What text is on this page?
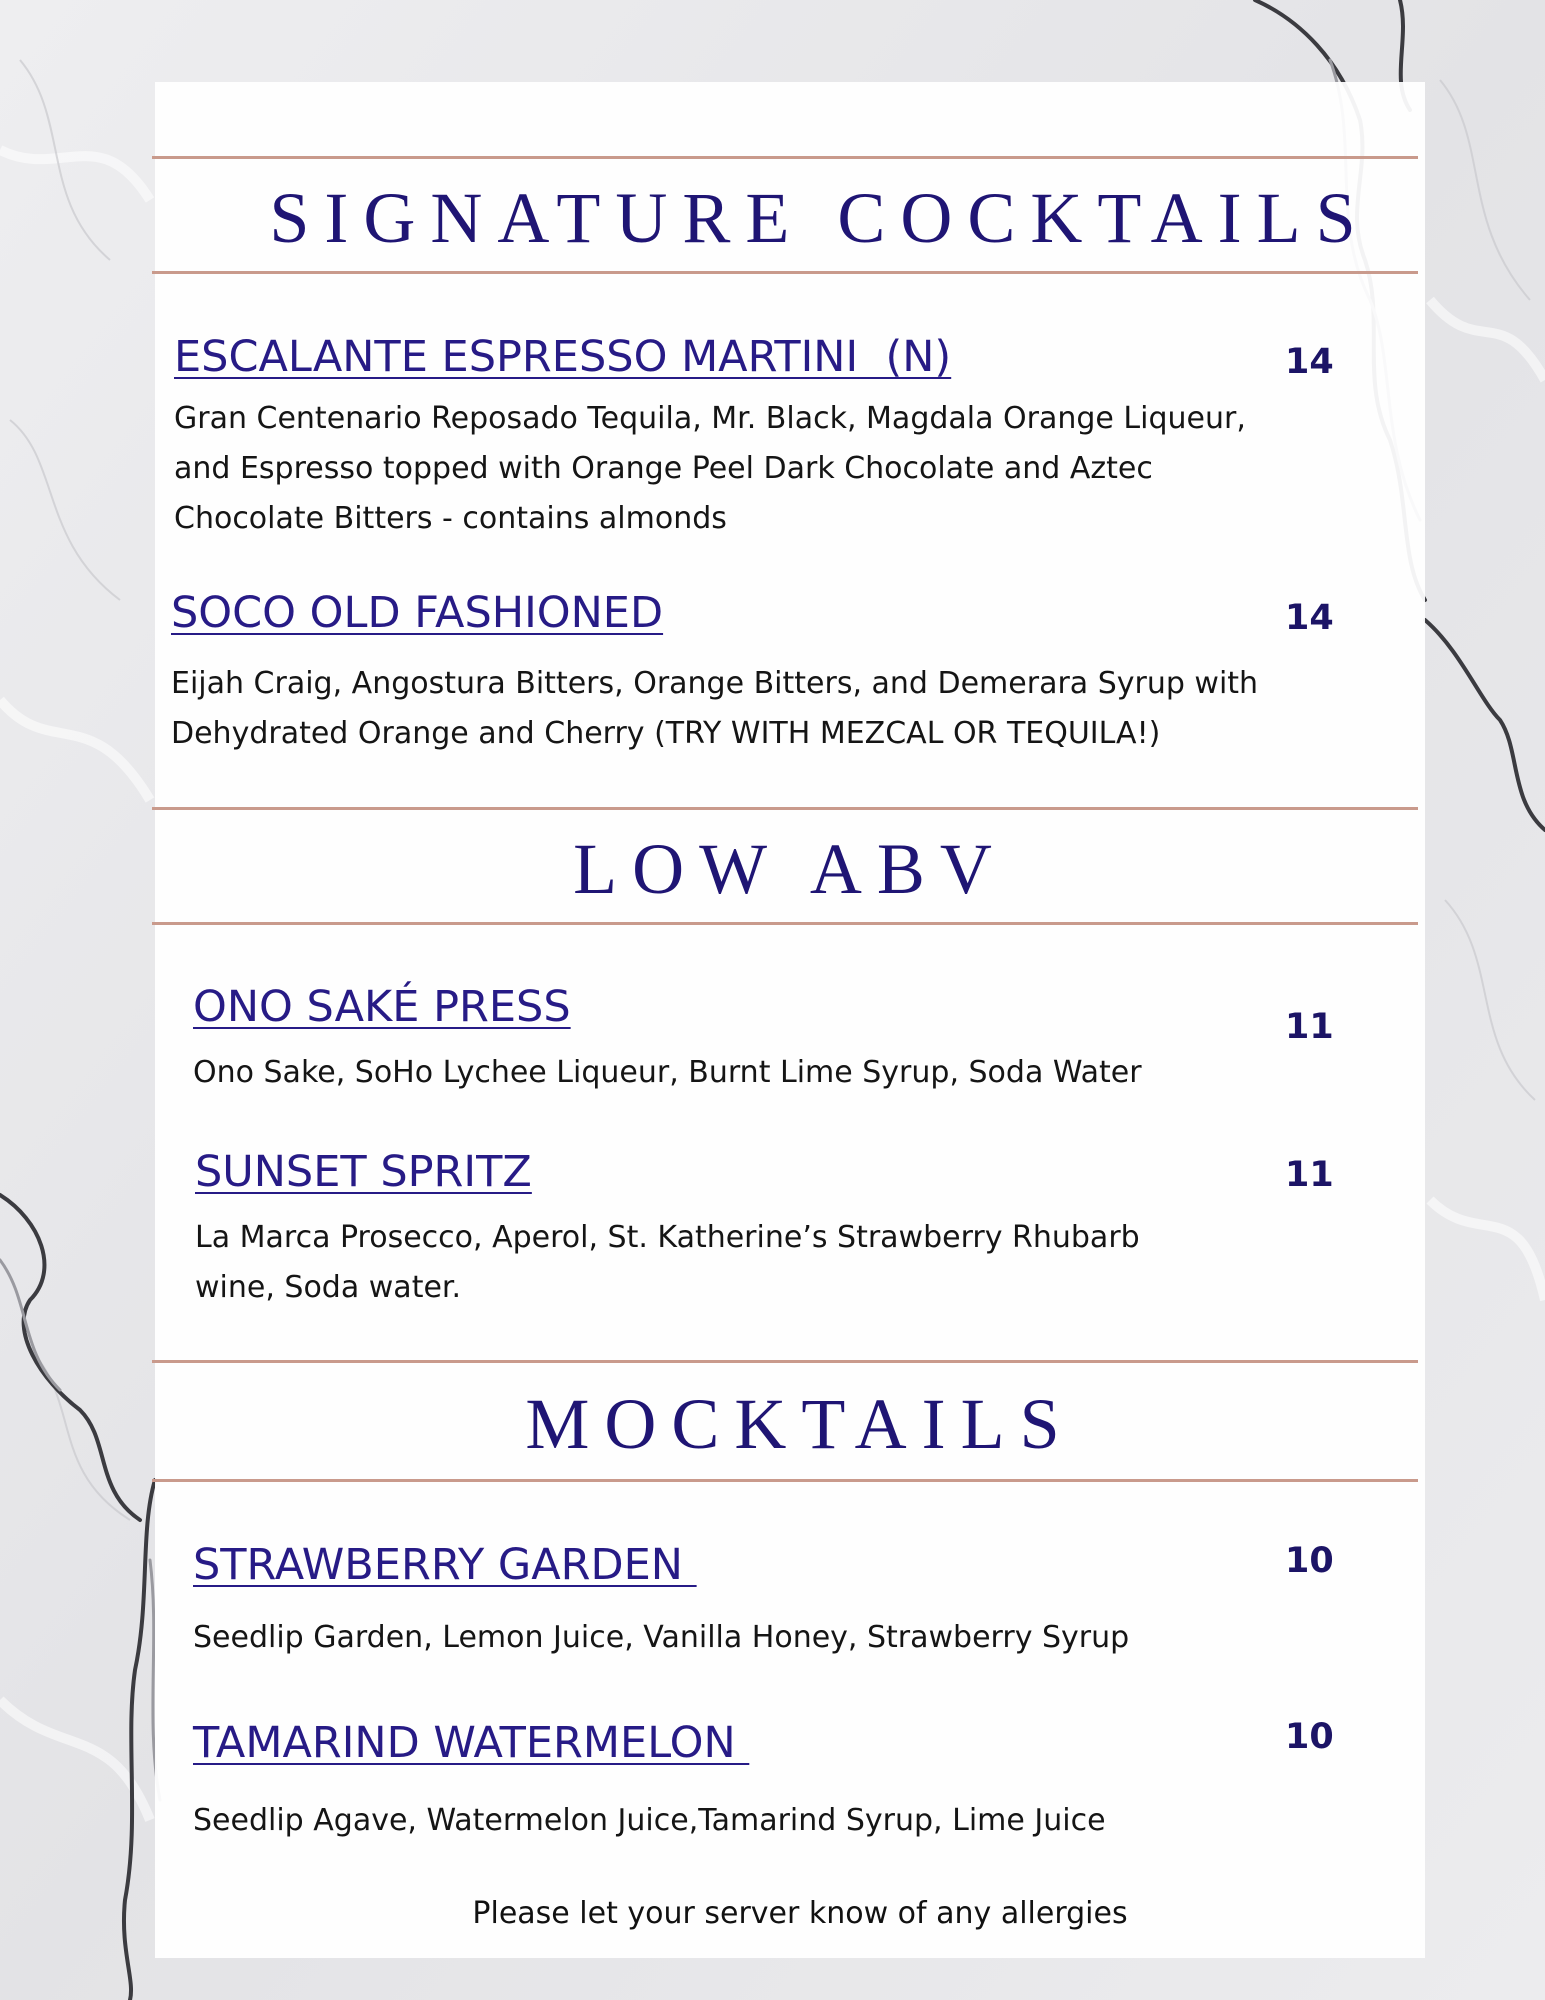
SIGNATURE COCKTAILS
ESCALANTE ESPRESSO MARTINI  (N)	14

Gran Centenario Reposado Tequila, Mr. Black, Magdala Orange Liqueur, and Espresso topped with Orange Peel Dark Chocolate and Aztec Chocolate Bitters - contains almonds

SOCO OLD FASHIONED	14

Eijah Craig, Angostura Bitters, Orange Bitters, and Demerara Syrup with Dehydrated Orange and Cherry (TRY WITH MEZCAL OR TEQUILA!)

LOW ABV
ONO SAKÉ PRESS	11

Ono Sake, SoHo Lychee Liqueur, Burnt Lime Syrup, Soda Water

SUNSET SPRITZ	11

La Marca Prosecco, Aperol, St. Katherine’s Strawberry Rhubarb wine, Soda water.

MOCKTAILS
STRAWBERRY GARDEN	10

Seedlip Garden, Lemon Juice, Vanilla Honey, Strawberry Syrup

TAMARIND WATERMELON	10

Seedlip Agave, Watermelon Juice,Tamarind Syrup, Lime Juice

Please let your server know of any allergies
